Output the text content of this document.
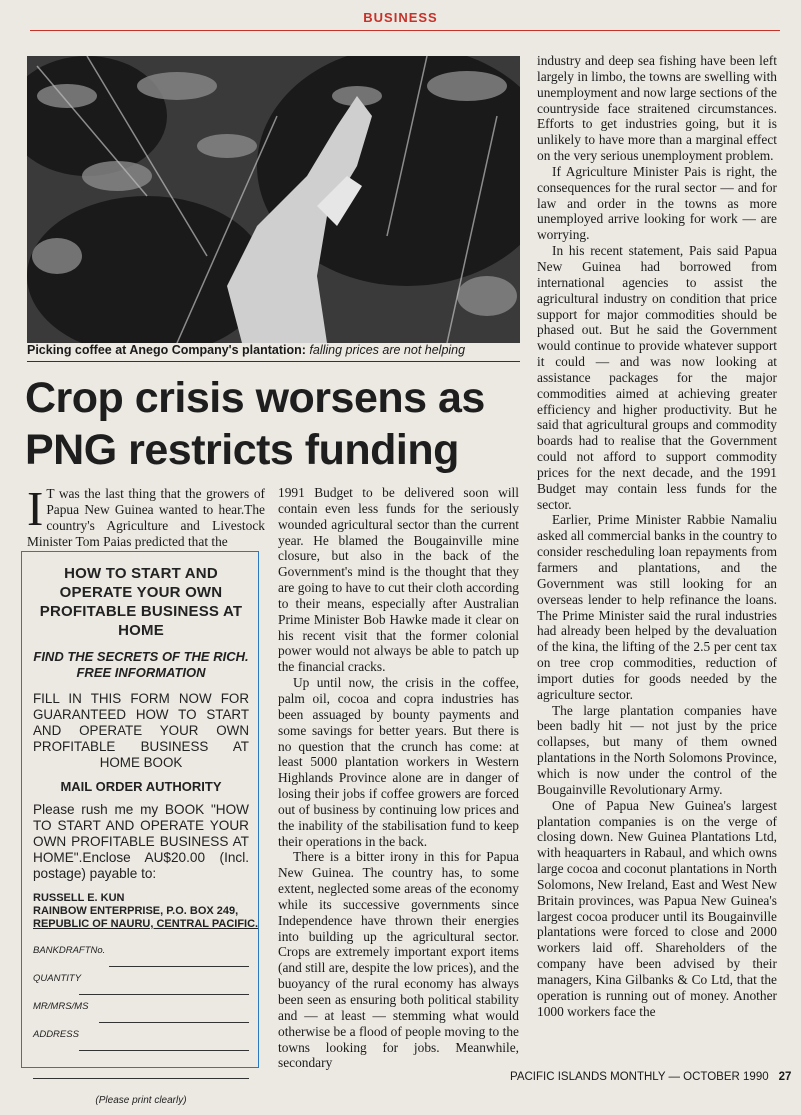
BUSINESS
Picking coffee at Anego Company's plantation: falling prices are not helping
Crop crisis worsens as PNG restricts funding

I T was the last thing that the growers of Papua New Guinea wanted to hear.The country's Agriculture and Livestock Minister Tom Paias predicted that the

HOW TO START AND OPERATE YOUR OWN PROFITABLE BUSINESS AT HOME
FIND THE SECRETS OF THE RICH. FREE INFORMATION
FILL IN THIS FORM NOW FOR GUARANTEED HOW TO START AND OPERATE YOUR OWN PROFITABLE BUSINESS AT HOME BOOK
MAIL ORDER AUTHORITY
Please rush me my BOOK "HOW TO START AND OPERATE YOUR OWN PROFITABLE BUSINESS AT HOME".Enclose AU$20.00 (Incl. postage) payable to:
RUSSELL E. KUN
RAINBOW ENTERPRISE, P.O. BOX 249,
REPUBLIC OF NAURU, CENTRAL PACIFIC.
BANKDRAFTNo.
QUANTITY
MR/MRS/MS
ADDRESS
(Please print clearly)

1991 Budget to be delivered soon will contain even less funds for the seriously wounded agricultural sector than the current year. He blamed the Bougainville mine closure, but also in the back of the Government's mind is the thought that they are going to have to cut their cloth according to their means, especially after Australian Prime Minister Bob Hawke made it clear on his recent visit that the former colonial power would not always be able to patch up the financial cracks.

Up until now, the crisis in the coffee, palm oil, cocoa and copra industries has been assuaged by bounty payments and some savings for better years. But there is no question that the crunch has come: at least 5000 plantation workers in Western Highlands Province alone are in danger of losing their jobs if coffee growers are forced out of business by continuing low prices and the inability of the stabilisation fund to keep their operations in the back.

There is a bitter irony in this for Papua New Guinea. The country has, to some extent, neglected some areas of the economy while its successive governments since Independence have thrown their energies into building up the agricultural sector. Crops are extremely important export items (and still are, despite the low prices), and the buoyancy of the rural economy has always been seen as ensuring both political stability and — at least — stemming what would otherwise be a flood of people moving to the towns looking for jobs. Meanwhile, secondary

industry and deep sea fishing have been left largely in limbo, the towns are swelling with unemployment and now large sections of the countryside face straitened circumstances. Efforts to get industries going, but it is unlikely to have more than a marginal effect on the very serious unemployment problem.

If Agriculture Minister Pais is right, the consequences for the rural sector — and for law and order in the towns as more unemployed arrive looking for work — are worrying.

In his recent statement, Pais said Papua New Guinea had borrowed from international agencies to assist the agricultural industry on condition that price support for major commodities should be phased out. But he said the Government would continue to provide whatever support it could — and was now looking at assistance packages for the major commodities aimed at achieving greater efficiency and higher productivity. But he said that agricultural groups and commodity boards had to realise that the Government could not afford to support commodity prices for the next decade, and the 1991 Budget may contain less funds for the sector.

Earlier, Prime Minister Rabbie Namaliu asked all commercial banks in the country to consider rescheduling loan repayments from farmers and plantations, and the Government was still looking for an overseas lender to help refinance the loans. The Prime Minister said the rural industries had already been helped by the devaluation of the kina, the lifting of the 2.5 per cent tax on tree crop commodities, reduction of import duties for goods needed by the agriculture sector.

The large plantation companies have been badly hit — not just by the price collapses, but many of them owned plantations in the North Solomons Province, which is now under the control of the Bougainville Revolutionary Army.

One of Papua New Guinea's largest plantation companies is on the verge of closing down. New Guinea Plantations Ltd, with heaquarters in Rabaul, and which owns large cocoa and coconut plantations in North Solomons, New Ireland, East and West New Britain provinces, was Papua New Guinea's largest cocoa producer until its Bougainville plantations were forced to close and 2000 workers laid off. Shareholders of the company have been advised by their managers, Kina Gilbanks & Co Ltd, that the operation is running out of money. Another 1000 workers face the

PACIFIC ISLANDS MONTHLY — OCTOBER 1990 27
